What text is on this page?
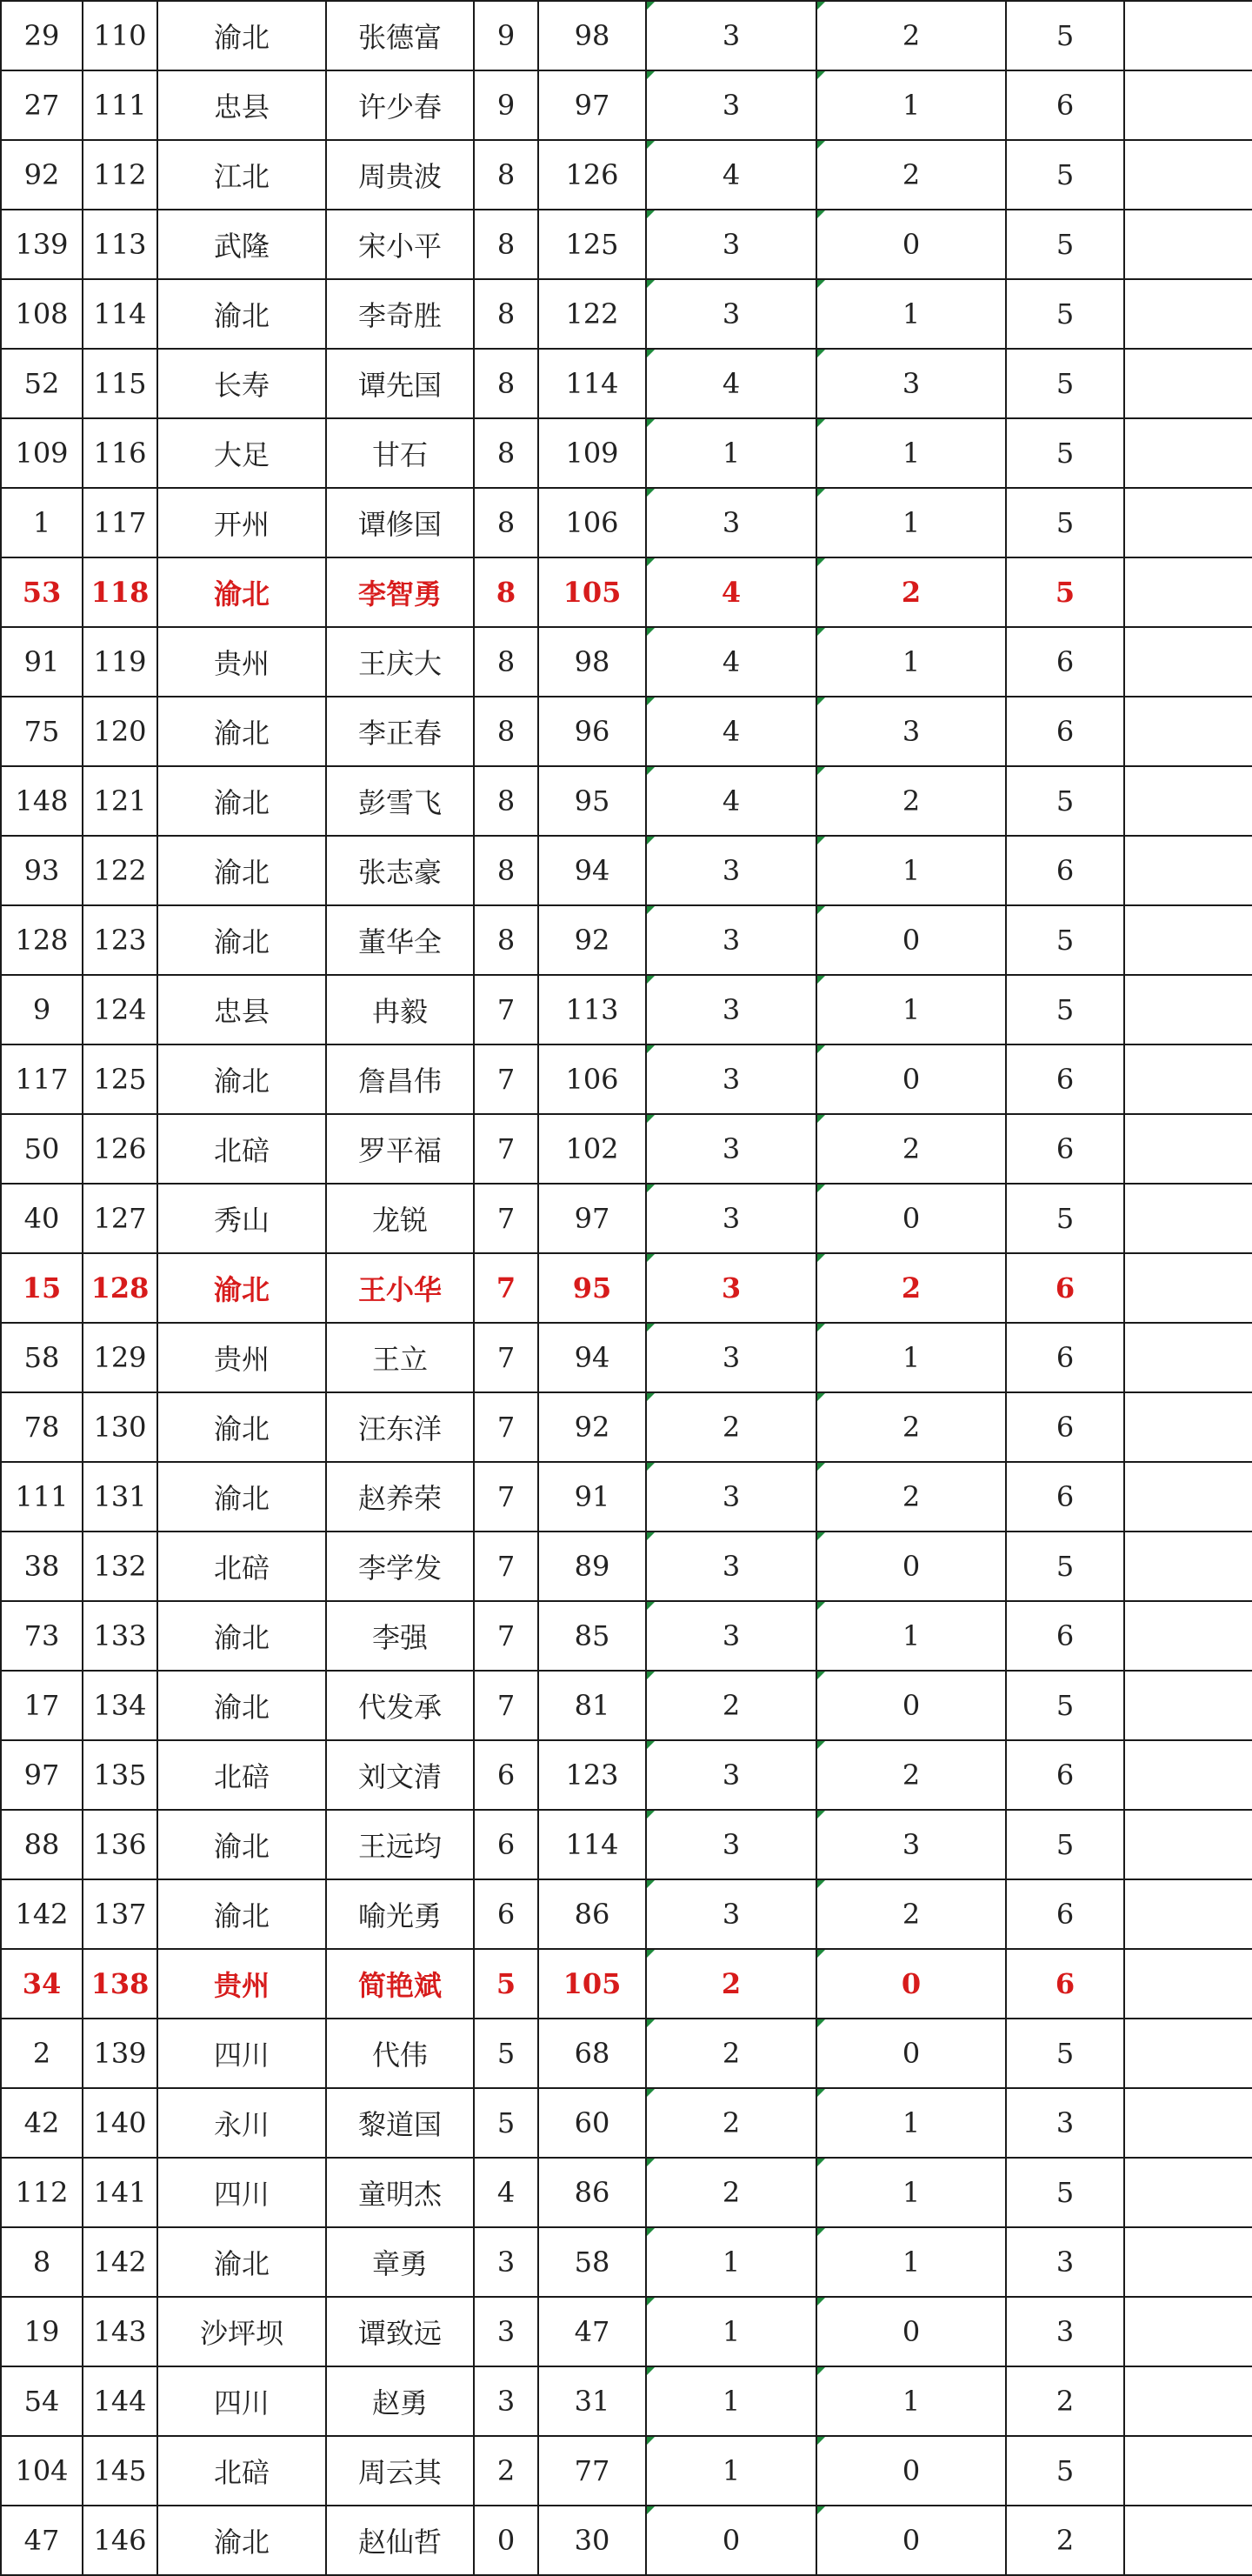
29	110	渝北	张德富	9	98	3	2	5	
27	111	忠县	许少春	9	97	3	1	6	
92	112	江北	周贵波	8	126	4	2	5	
139	113	武隆	宋小平	8	125	3	0	5	
108	114	渝北	李奇胜	8	122	3	1	5	
52	115	长寿	谭先国	8	114	4	3	5	
109	116	大足	甘石	8	109	1	1	5	
1	117	开州	谭修国	8	106	3	1	5	
53	118	渝北	李智勇	8	105	4	2	5	
91	119	贵州	王庆大	8	98	4	1	6	
75	120	渝北	李正春	8	96	4	3	6	
148	121	渝北	彭雪飞	8	95	4	2	5	
93	122	渝北	张志豪	8	94	3	1	6	
128	123	渝北	董华全	8	92	3	0	5	
9	124	忠县	冉毅	7	113	3	1	5	
117	125	渝北	詹昌伟	7	106	3	0	6	
50	126	北碚	罗平福	7	102	3	2	6	
40	127	秀山	龙锐	7	97	3	0	5	
15	128	渝北	王小华	7	95	3	2	6	
58	129	贵州	王立	7	94	3	1	6	
78	130	渝北	汪东洋	7	92	2	2	6	
111	131	渝北	赵养荣	7	91	3	2	6	
38	132	北碚	李学发	7	89	3	0	5	
73	133	渝北	李强	7	85	3	1	6	
17	134	渝北	代发承	7	81	2	0	5	
97	135	北碚	刘文清	6	123	3	2	6	
88	136	渝北	王远均	6	114	3	3	5	
142	137	渝北	喻光勇	6	86	3	2	6	
34	138	贵州	简艳斌	5	105	2	0	6	
2	139	四川	代伟	5	68	2	0	5	
42	140	永川	黎道国	5	60	2	1	3	
112	141	四川	童明杰	4	86	2	1	5	
8	142	渝北	章勇	3	58	1	1	3	
19	143	沙坪坝	谭致远	3	47	1	0	3	
54	144	四川	赵勇	3	31	1	1	2	
104	145	北碚	周云其	2	77	1	0	5	
47	146	渝北	赵仙哲	0	30	0	0	2	
